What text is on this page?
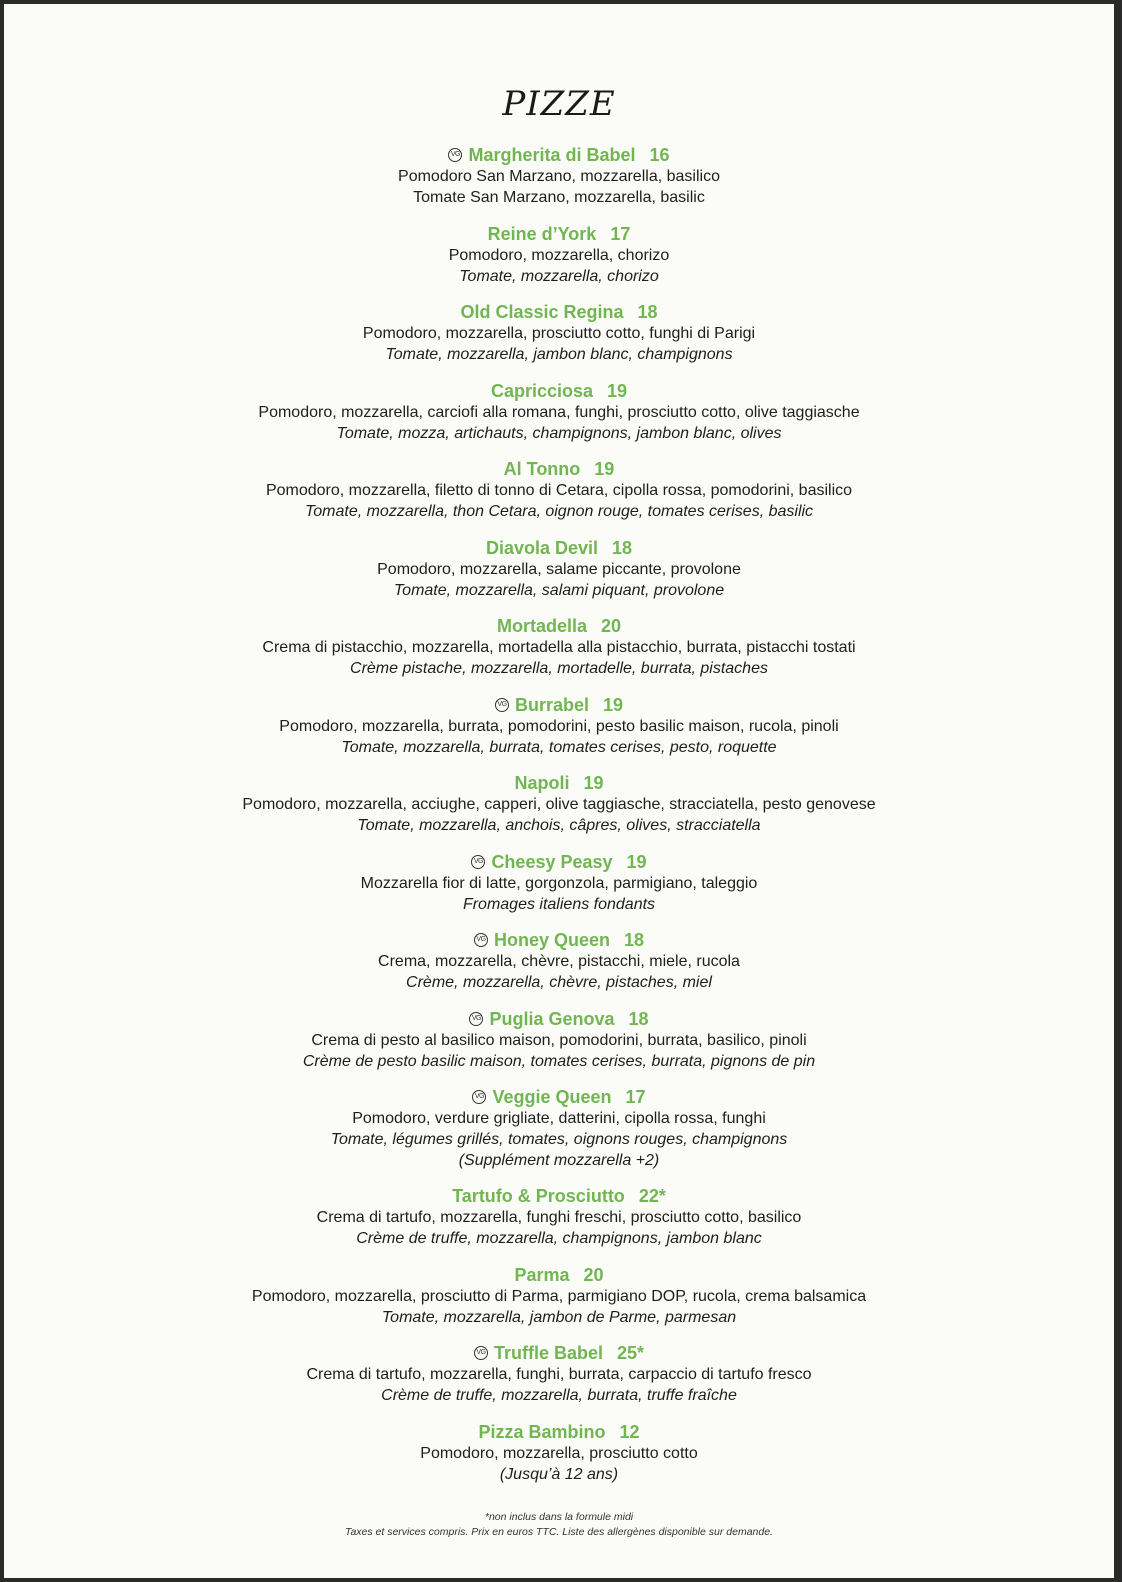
PIZZE
VG Margherita di Babel 16
Pomodoro San Marzano, mozzarella, basilico
Tomate San Marzano, mozzarella, basilic
Reine d’York 17
Pomodoro, mozzarella, chorizo
Tomate, mozzarella, chorizo
Old Classic Regina 18
Pomodoro, mozzarella, prosciutto cotto, funghi di Parigi
Tomate, mozzarella, jambon blanc, champignons
Capricciosa 19
Pomodoro, mozzarella, carciofi alla romana, funghi, prosciutto cotto, olive taggiasche
Tomate, mozza, artichauts, champignons, jambon blanc, olives
Al Tonno 19
Pomodoro, mozzarella, filetto di tonno di Cetara, cipolla rossa, pomodorini, basilico
Tomate, mozzarella, thon Cetara, oignon rouge, tomates cerises, basilic
Diavola Devil 18
Pomodoro, mozzarella, salame piccante, provolone
Tomate, mozzarella, salami piquant, provolone
Mortadella 20
Crema di pistacchio, mozzarella, mortadella alla pistacchio, burrata, pistacchi tostati
Crème pistache, mozzarella, mortadelle, burrata, pistaches
VG Burrabel 19
Pomodoro, mozzarella, burrata, pomodorini, pesto basilic maison, rucola, pinoli
Tomate, mozzarella, burrata, tomates cerises, pesto, roquette
Napoli 19
Pomodoro, mozzarella, acciughe, capperi, olive taggiasche, stracciatella, pesto genovese
Tomate, mozzarella, anchois, câpres, olives, stracciatella
VG Cheesy Peasy 19
Mozzarella fior di latte, gorgonzola, parmigiano, taleggio
Fromages italiens fondants
VG Honey Queen 18
Crema, mozzarella, chèvre, pistacchi, miele, rucola
Crème, mozzarella, chèvre, pistaches, miel
VG Puglia Genova 18
Crema di pesto al basilico maison, pomodorini, burrata, basilico, pinoli
Crème de pesto basilic maison, tomates cerises, burrata, pignons de pin
VG Veggie Queen 17
Pomodoro, verdure grigliate, datterini, cipolla rossa, funghi
Tomate, légumes grillés, tomates, oignons rouges, champignons
(Supplément mozzarella +2)
Tartufo & Prosciutto 22*
Crema di tartufo, mozzarella, funghi freschi, prosciutto cotto, basilico
Crème de truffe, mozzarella, champignons, jambon blanc
Parma 20
Pomodoro, mozzarella, prosciutto di Parma, parmigiano DOP, rucola, crema balsamica
Tomate, mozzarella, jambon de Parme, parmesan
VG Truffle Babel 25*
Crema di tartufo, mozzarella, funghi, burrata, carpaccio di tartufo fresco
Crème de truffe, mozzarella, burrata, truffe fraîche
Pizza Bambino 12
Pomodoro, mozzarella, prosciutto cotto
(Jusqu’à 12 ans)
*non inclus dans la formule midi
Taxes et services compris. Prix en euros TTC. Liste des allergènes disponible sur demande.
